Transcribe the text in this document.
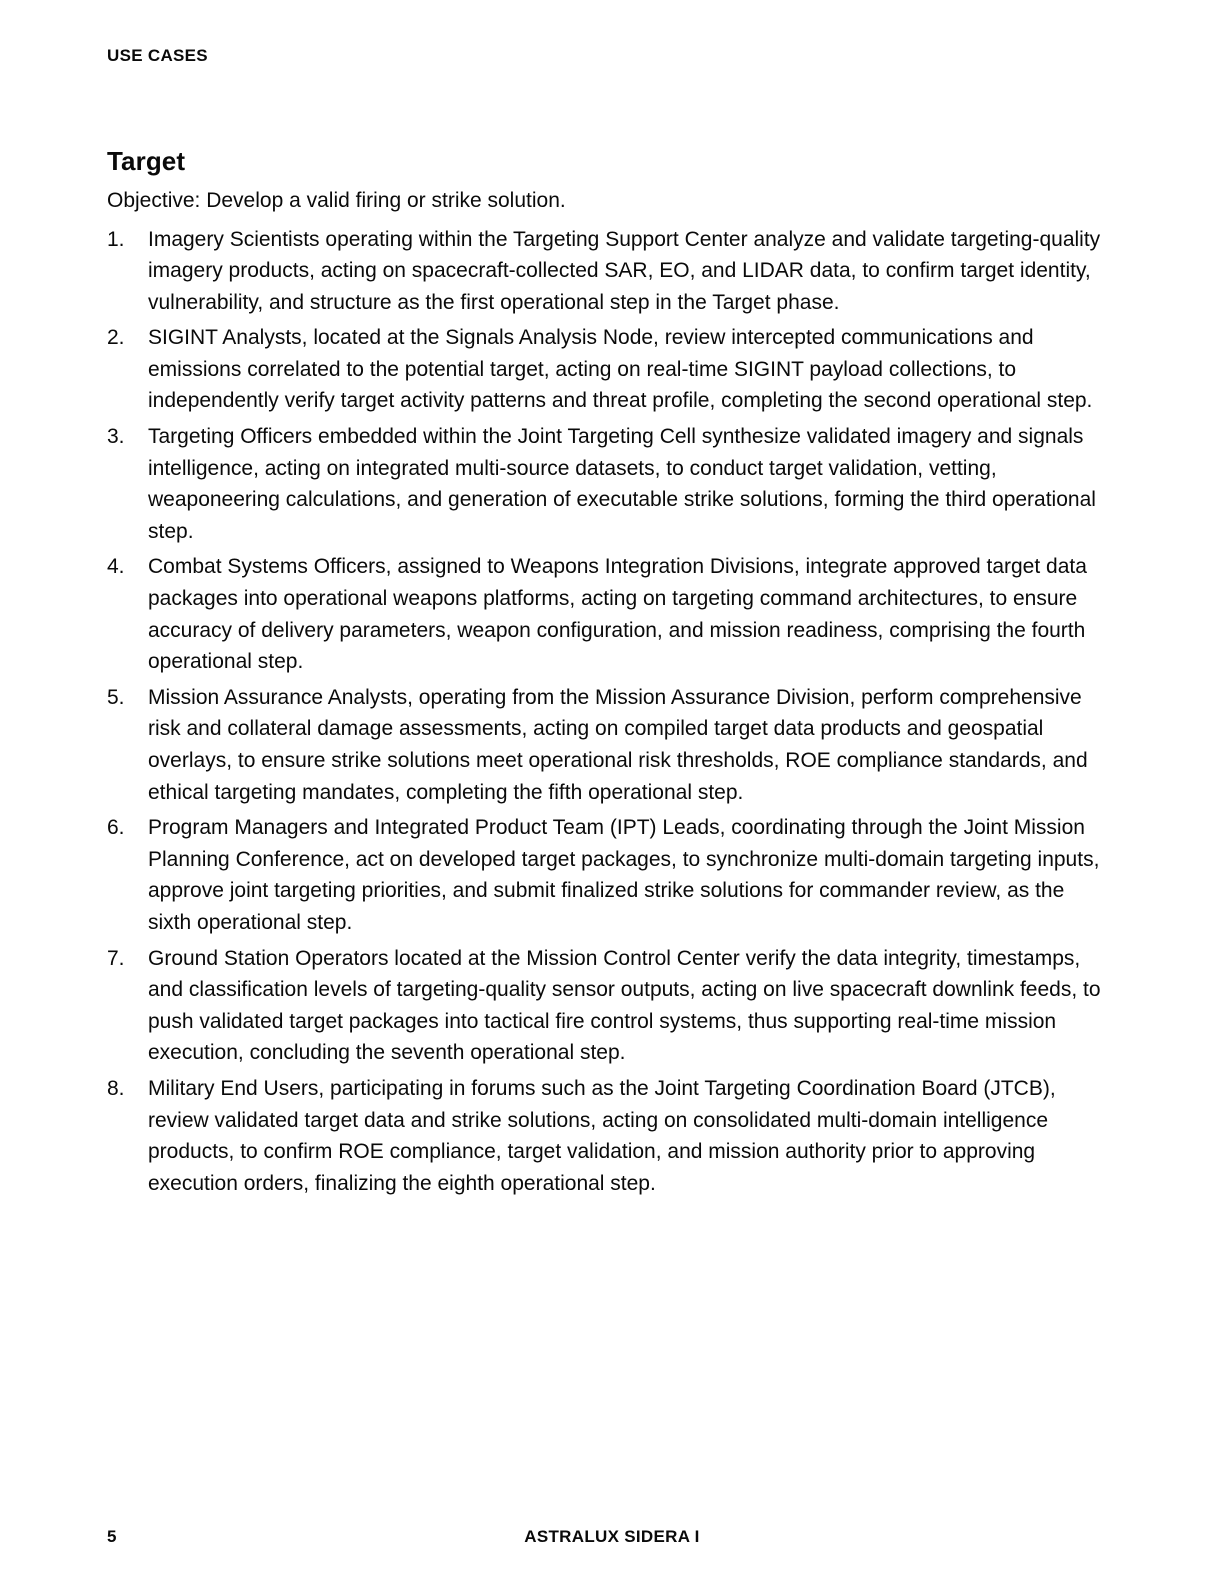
USE CASES
Target

Objective: Develop a valid firing or strike solution.

1.	Imagery Scientists operating within the Targeting Support Center analyze and validate targeting-quality imagery products, acting on spacecraft-collected SAR, EO, and LIDAR data, to confirm target identity, vulnerability, and structure as the first operational step in the Target phase.
2.	SIGINT Analysts, located at the Signals Analysis Node, review intercepted communications and emissions correlated to the potential target, acting on real-time SIGINT payload collections, to independently verify target activity patterns and threat profile, completing the second operational step.
3.	Targeting Officers embedded within the Joint Targeting Cell synthesize validated imagery and signals intelligence, acting on integrated multi-source datasets, to conduct target validation, vetting, weaponeering calculations, and generation of executable strike solutions, forming the third operational step.
4.	Combat Systems Officers, assigned to Weapons Integration Divisions, integrate approved target data packages into operational weapons platforms, acting on targeting command architectures, to ensure accuracy of delivery parameters, weapon configuration, and mission readiness, comprising the fourth operational step.
5.	Mission Assurance Analysts, operating from the Mission Assurance Division, perform comprehensive risk and collateral damage assessments, acting on compiled target data products and geospatial overlays, to ensure strike solutions meet operational risk thresholds, ROE compliance standards, and ethical targeting mandates, completing the fifth operational step.
6.	Program Managers and Integrated Product Team (IPT) Leads, coordinating through the Joint Mission Planning Conference, act on developed target packages, to synchronize multi-domain targeting inputs, approve joint targeting priorities, and submit finalized strike solutions for commander review, as the sixth operational step.
7.	Ground Station Operators located at the Mission Control Center verify the data integrity, timestamps, and classification levels of targeting-quality sensor outputs, acting on live spacecraft downlink feeds, to push validated target packages into tactical fire control systems, thus supporting real-time mission execution, concluding the seventh operational step.
8.	Military End Users, participating in forums such as the Joint Targeting Coordination Board (JTCB), review validated target data and strike solutions, acting on consolidated multi-domain intelligence products, to confirm ROE compliance, target validation, and mission authority prior to approving execution orders, finalizing the eighth operational step.
5	ASTRALUX SIDERA I
